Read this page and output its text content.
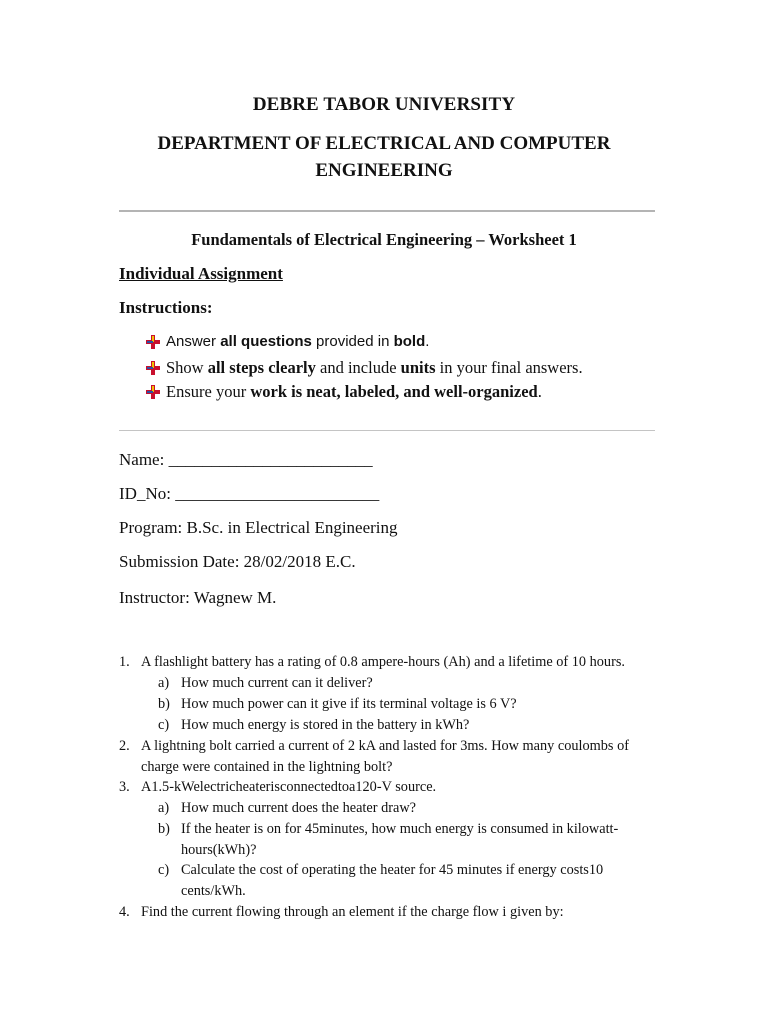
DEBRE TABOR UNIVERSITY
DEPARTMENT OF ELECTRICAL AND COMPUTER
ENGINEERING
Fundamentals of Electrical Engineering – Worksheet 1
Individual Assignment
Instructions:
Answer all questions provided in bold.
Show all steps clearly and include units in your final answers.
Ensure your work is neat, labeled, and well-organized.
Name: ________________________
ID_No: ________________________
Program: B.Sc. in Electrical Engineering
Submission Date: 28/02/2018 E.C.
Instructor: Wagnew M.
1. A flashlight battery has a rating of 0.8 ampere-hours (Ah) and a lifetime of 10 hours.
a) How much current can it deliver?
b) How much power can it give if its terminal voltage is 6 V?
c) How much energy is stored in the battery in kWh?
2. A lightning bolt carried a current of 2 kA and lasted for 3ms. How many coulombs of
charge were contained in the lightning bolt?
3. A1.5-kWelectricheaterisconnectedtoa120-V source.
a) How much current does the heater draw?
b) If the heater is on for 45minutes, how much energy is consumed in kilowatt-
hours(kWh)?
c) Calculate the cost of operating the heater for 45 minutes if energy costs10
cents/kWh.
4. Find the current flowing through an element if the charge flow i given by:
